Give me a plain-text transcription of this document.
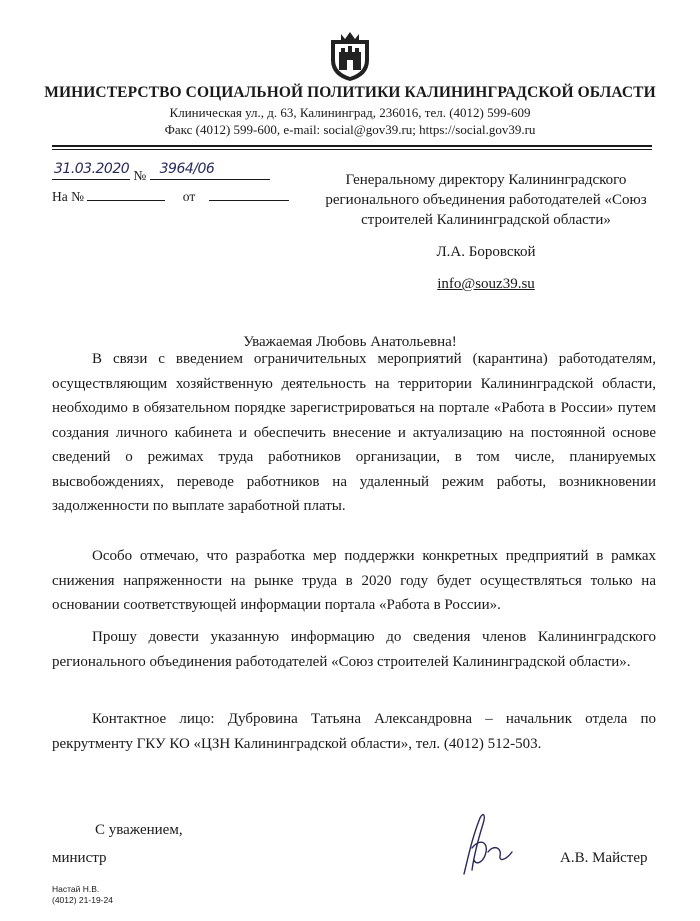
МИНИСТЕРСТВО СОЦИАЛЬНОЙ ПОЛИТИКИ КАЛИНИНГРАДСКОЙ ОБЛАСТИ
Клиническая ул., д. 63, Калининград, 236016, тел. (4012) 599-609
Факс (4012) 599-600, e-mail: social@gov39.ru; https://social.gov39.ru
31.03.2020 № 3964/06
На №	от
Генеральному директору Калининградского
регионального объединения работодателей «Союз
строителей Калининградской области»
Л.А. Боровской
info@souz39.su
Уважаемая Любовь Анатольевна!
В связи с введением ограничительных мероприятий (карантина) работодателям, осуществляющим хозяйственную деятельность на территории Калининградской области, необходимо в обязательном порядке зарегистрироваться на портале «Работа в России» путем создания личного кабинета и обеспечить внесение и актуализацию на постоянной основе сведений о режимах труда работников организации, в том числе, планируемых высвобождениях, переводе работников на удаленный режим работы, возникновении задолженности по выплате заработной платы.
Особо отмечаю, что разработка мер поддержки конкретных предприятий в рамках снижения напряженности на рынке труда в 2020 году будет осуществляться только на основании соответствующей информации портала «Работа в России».
Прошу довести указанную информацию до сведения членов Калининградского регионального объединения работодателей «Союз строителей Калининградской области».
Контактное лицо: Дубровина Татьяна Александровна – начальник отдела по рекрутменту ГКУ КО «ЦЗН Калининградской области», тел. (4012) 512-503.
С уважением,
министр	А.В. Майстер
Настай Н.В.
(4012) 21-19-24
